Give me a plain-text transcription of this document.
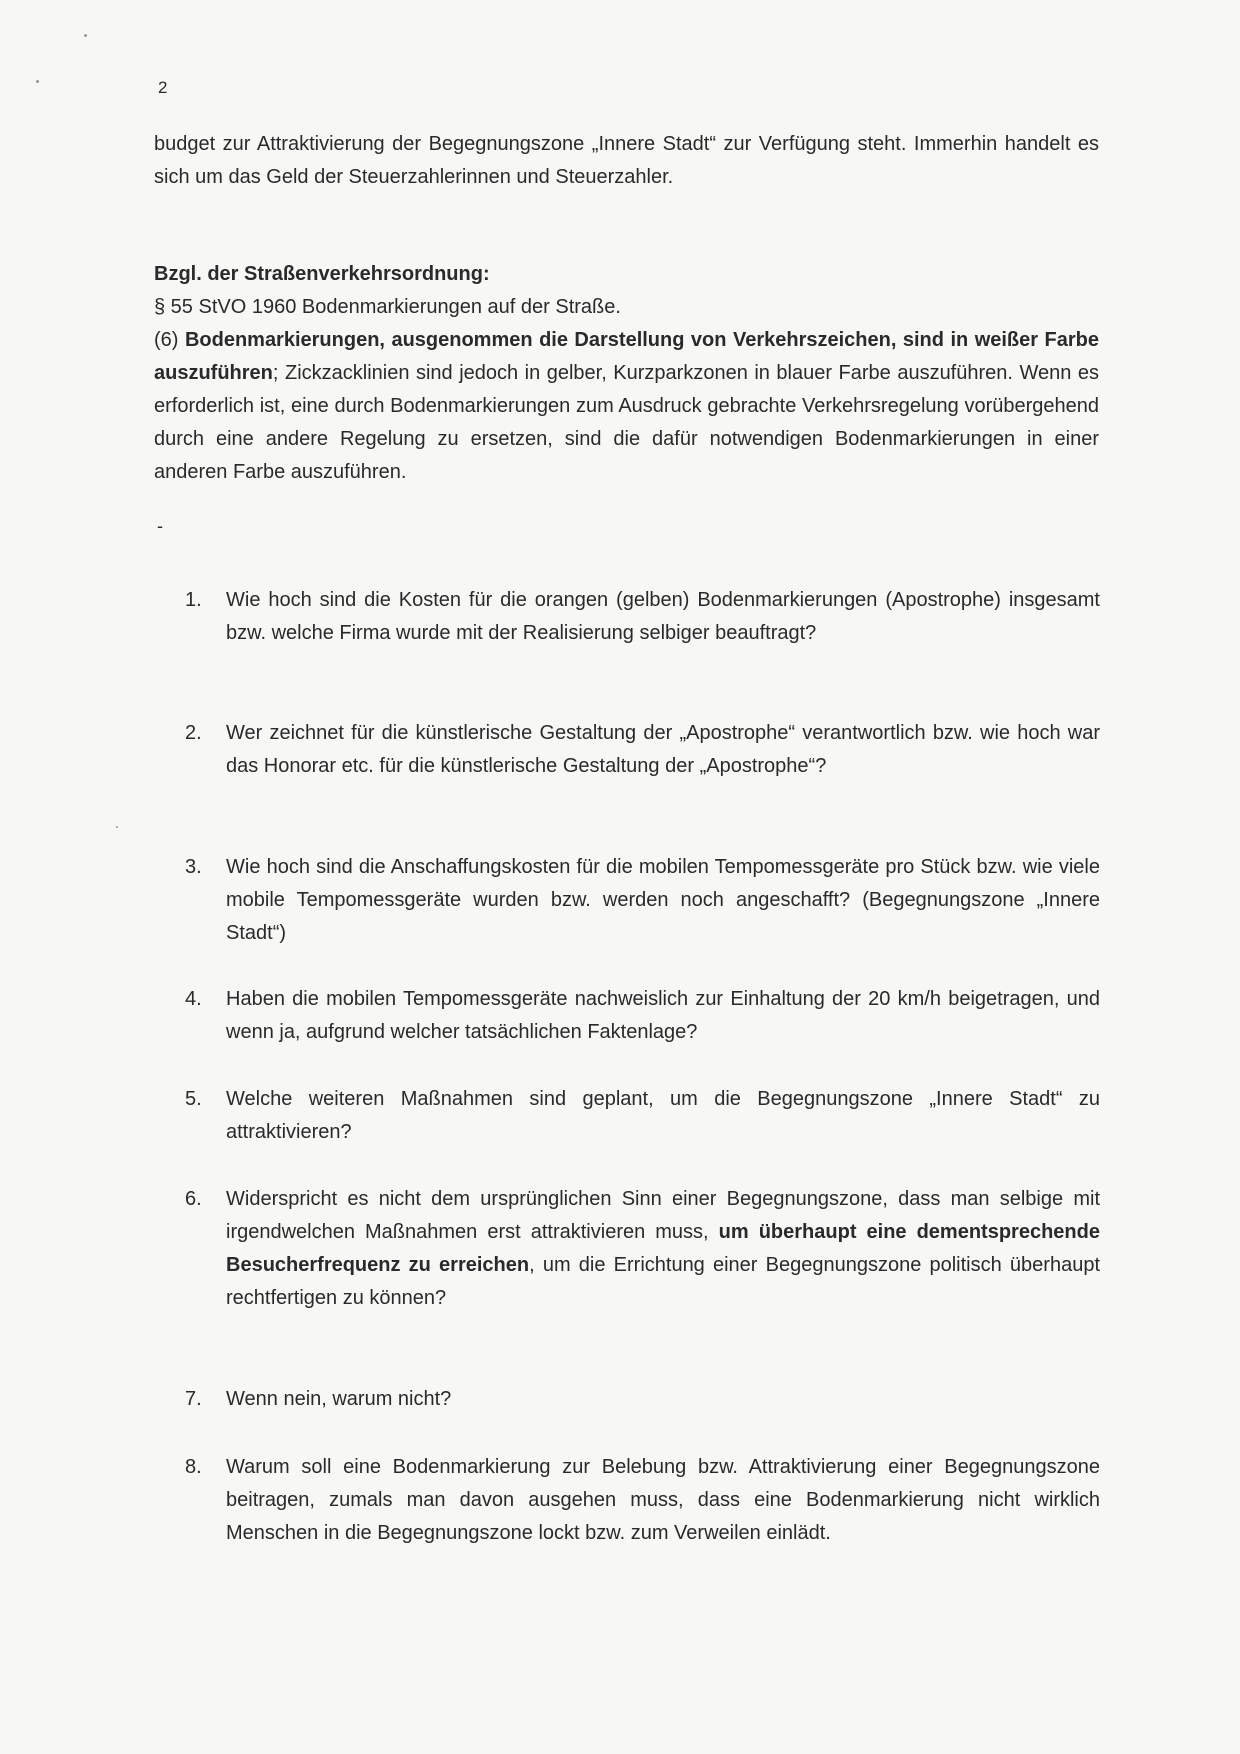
2
budget zur Attraktivierung der Begegnungszone „Innere Stadt“ zur Verfügung steht. Immerhin handelt es sich um das Geld der Steuerzahlerinnen und Steuerzahler.
Bzgl. der Straßenverkehrsordnung:
§ 55 StVO 1960 Bodenmarkierungen auf der Straße.
(6) Bodenmarkierungen, ausgenommen die Darstellung von Verkehrszeichen, sind in weißer Farbe auszuführen; Zickzacklinien sind jedoch in gelber, Kurzparkzonen in blauer Farbe auszuführen. Wenn es erforderlich ist, eine durch Bodenmarkierungen zum Ausdruck gebrachte Verkehrsregelung vorübergehend durch eine andere Regelung zu ersetzen, sind die dafür notwendigen Bodenmarkierungen in einer anderen Farbe auszuführen.
-
1.	Wie hoch sind die Kosten für die orangen (gelben) Bodenmarkierungen (Apostrophe) insgesamt bzw. welche Firma wurde mit der Realisierung selbiger beauftragt?
2.	Wer zeichnet für die künstlerische Gestaltung der „Apostrophe“ verantwortlich bzw. wie hoch war das Honorar etc. für die künstlerische Gestaltung der „Apostrophe“?
3.	Wie hoch sind die Anschaffungskosten für die mobilen Tempomessgeräte pro Stück bzw. wie viele mobile Tempomessgeräte wurden bzw. werden noch angeschafft? (Begegnungszone „Innere Stadt“)
4.	Haben die mobilen Tempomessgeräte nachweislich zur Einhaltung der 20 km/h beigetragen, und wenn ja, aufgrund welcher tatsächlichen Faktenlage?
5.	Welche weiteren Maßnahmen sind geplant, um die Begegnungszone „Innere Stadt“ zu attraktivieren?
6.	Widerspricht es nicht dem ursprünglichen Sinn einer Begegnungszone, dass man selbige mit irgendwelchen Maßnahmen erst attraktivieren muss, um überhaupt eine dementsprechende Besucherfrequenz zu erreichen, um die Errichtung einer Begegnungszone politisch überhaupt rechtfertigen zu können?
7.	Wenn nein, warum nicht?
8.	Warum soll eine Bodenmarkierung zur Belebung bzw. Attraktivierung einer Begegnungszone beitragen, zumals man davon ausgehen muss, dass eine Bodenmarkierung nicht wirklich Menschen in die Begegnungszone lockt bzw. zum Verweilen einlädt.
